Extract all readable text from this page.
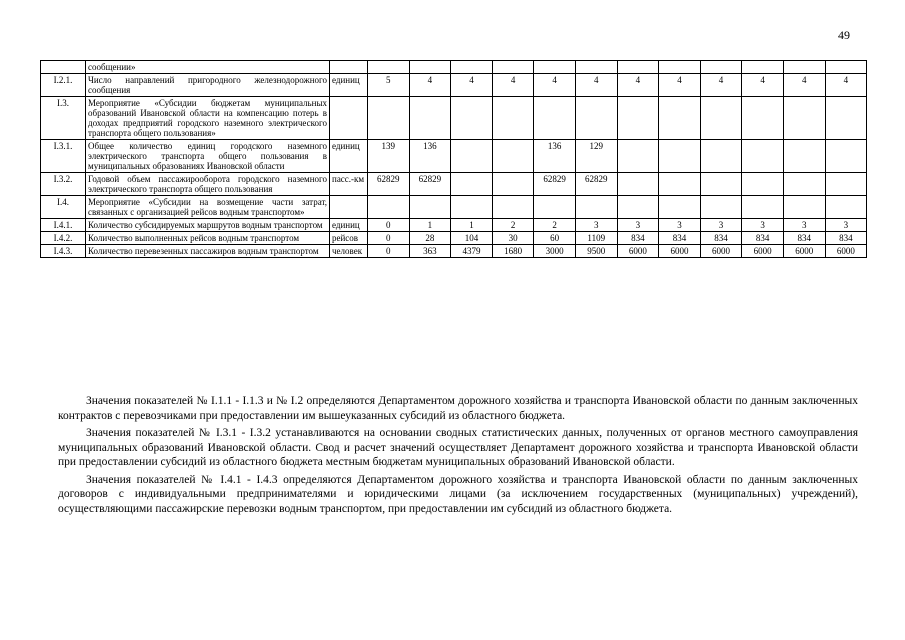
49
	сообщении»													
I.2.1.	Число направлений пригородного железнодорожного сообщения	единиц	5	4	4	4	4	4	4	4	4	4	4	4
I.3.	Мероприятие «Субсидии бюджетам муниципальных образований Ивановской области на компенсацию потерь в доходах предприятий городского наземного электрического транспорта общего пользования»													
I.3.1.	Общее количество единиц городского наземного электрического транспорта общего пользования в муниципальных образованиях Ивановской области	единиц	139	136			136	129						
I.3.2.	Годовой объем пассажирооборота городского наземного электрического транспорта общего пользования	пасс.-км	62829	62829			62829	62829						
I.4.	Мероприятие «Субсидии на возмещение части затрат, связанных с организацией рейсов водным транспортом»													
I.4.1.	Количество субсидируемых маршрутов водным транспортом	единиц	0	1	1	2	2	3	3	3	3	3	3	3
I.4.2.	Количество выполненных рейсов водным транспортом	рейсов	0	28	104	30	60	1109	834	834	834	834	834	834
I.4.3.	Количество перевезенных пассажиров водным транспортом	человек	0	363	4379	1680	3000	9500	6000	6000	6000	6000	6000	6000

Значения показателей № I.1.1 - I.1.3 и № I.2 определяются Департаментом дорожного хозяйства и транспорта Ивановской области по данным заключенных контрактов с перевозчиками при предоставлении им вышеуказанных субсидий из областного бюджета.

Значения показателей № I.3.1 - I.3.2 устанавливаются на основании сводных статистических данных, полученных от органов местного самоуправления муниципальных образований Ивановской области. Свод и расчет значений осуществляет Департамент дорожного хозяйства и транспорта Ивановской области при предоставлении субсидий из областного бюджета местным бюджетам муниципальных образований Ивановской области.

Значения показателей № I.4.1 - I.4.3 определяются Департаментом дорожного хозяйства и транспорта Ивановской области по данным заключенных договоров с индивидуальными предпринимателями и юридическими лицами (за исключением государственных (муниципальных) учреждений), осуществляющими пассажирские перевозки водным транспортом, при предоставлении им субсидий из областного бюджета.
